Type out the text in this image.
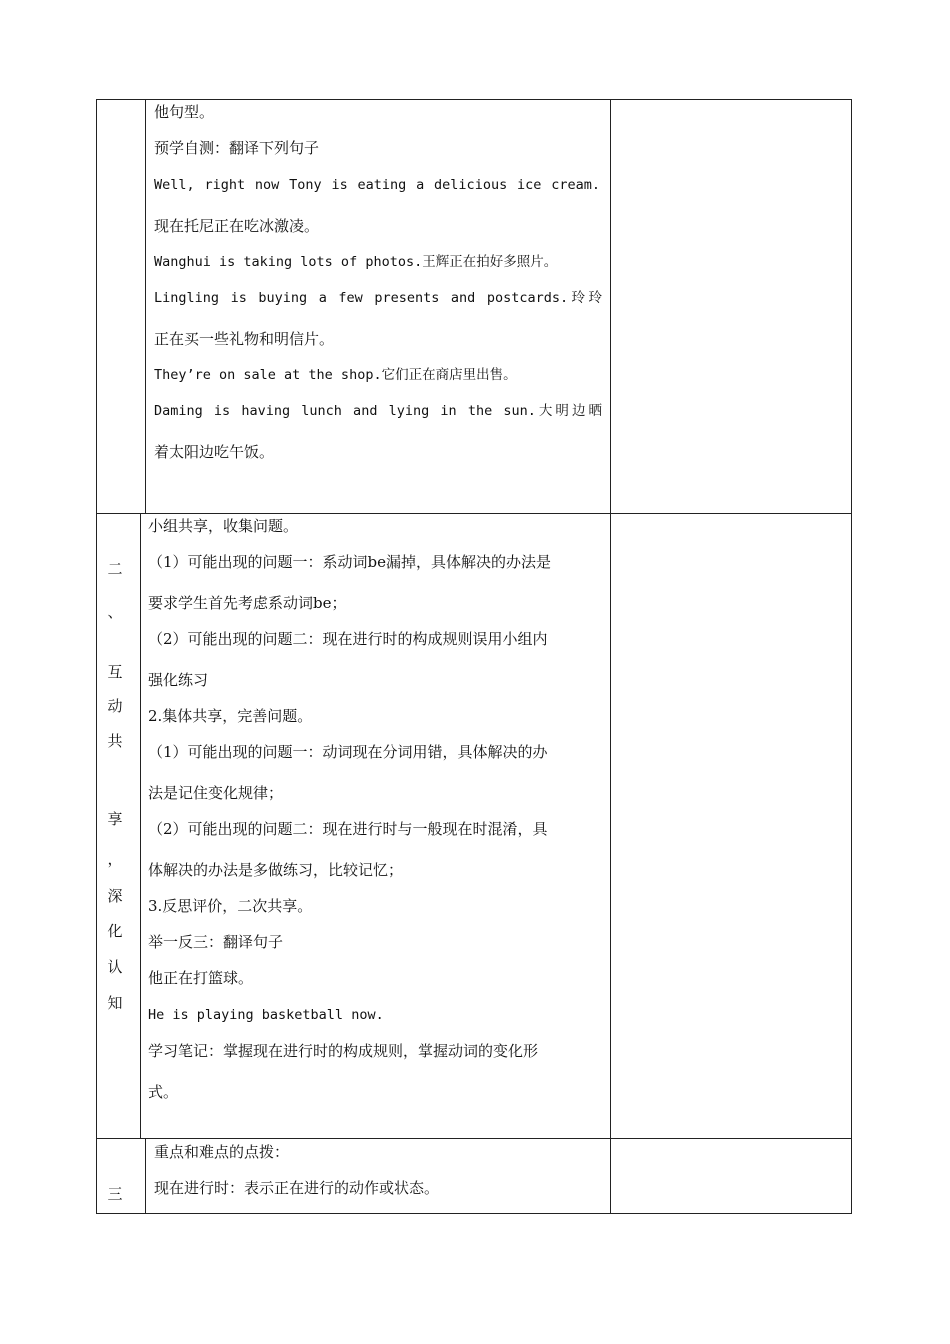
他句型。
预学自测：翻译下列句子
Well, right now Tony is eating a delicious ice cream.
现在托尼正在吃冰激凌。
Wanghui is taking lots of photos.王辉正在拍好多照片。
Lingling is buying a few presents and postcards.玲玲
正在买一些礼物和明信片。
They’re on sale at the shop.它们正在商店里出售。
Daming is having lunch and lying in the sun.大明边晒
着太阳边吃午饭。
二
、
互
动
共
享
，
深
化
认
知
小组共享，收集问题。
（1）可能出现的问题一：系动词be漏掉，具体解决的办法是
要求学生首先考虑系动词be；
（2）可能出现的问题二：现在进行时的构成规则误用小组内
强化练习
2.集体共享，完善问题。
（1）可能出现的问题一：动词现在分词用错，具体解决的办
法是记住变化规律；
（2）可能出现的问题二：现在进行时与一般现在时混淆，具
体解决的办法是多做练习，比较记忆；
3.反思评价，二次共享。
举一反三：翻译句子
他正在打篮球。
He is playing basketball now.
学习笔记：掌握现在进行时的构成规则，掌握动词的变化形
式。
三
重点和难点的点拨：
现在进行时：表示正在进行的动作或状态。
